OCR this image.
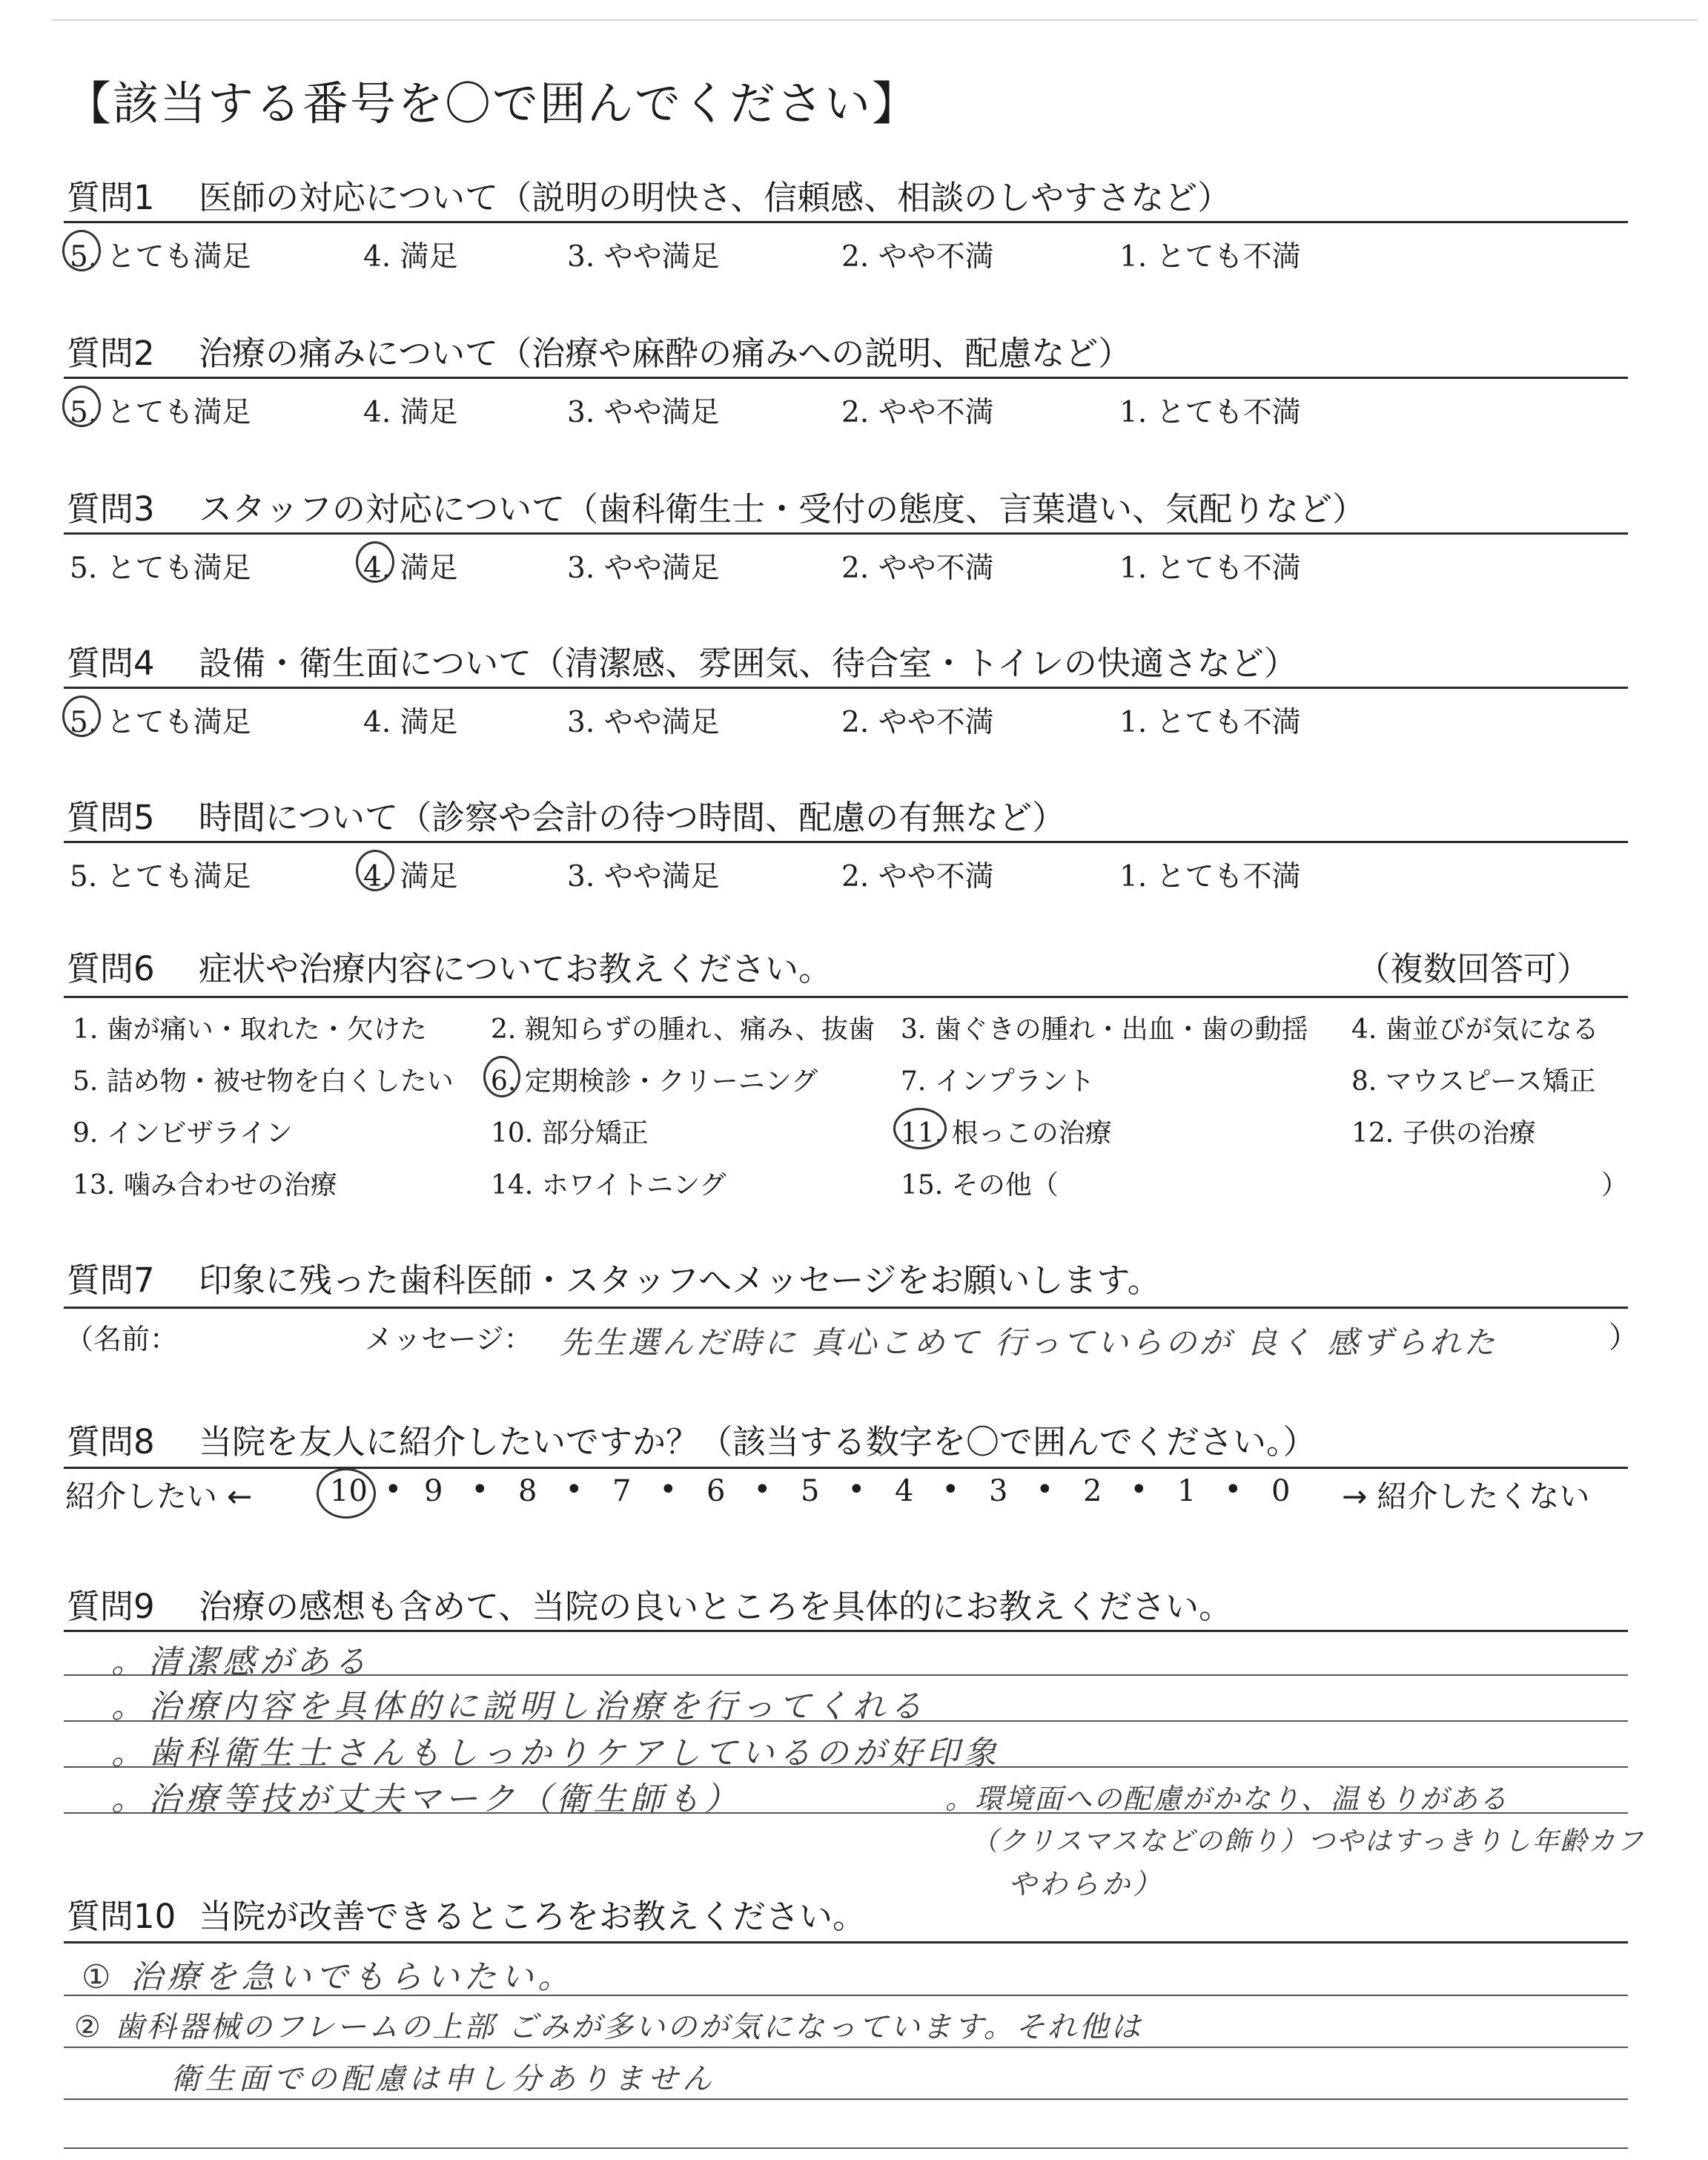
【該当する番号を〇で囲んでください】
質問1 医師の対応について（説明の明快さ、信頼感、相談のしやすさなど）
5. とても満足	4. 満足	3. やや満足	2. やや不満	1. とても不満
質問2 治療の痛みについて（治療や麻酔の痛みへの説明、配慮など）
5. とても満足	4. 満足	3. やや満足	2. やや不満	1. とても不満
質問3 スタッフの対応について（歯科衛生士・受付の態度、言葉遣い、気配りなど）
5. とても満足	4. 満足	3. やや満足	2. やや不満	1. とても不満
質問4 設備・衛生面について（清潔感、雰囲気、待合室・トイレの快適さなど）
5. とても満足	4. 満足	3. やや満足	2. やや不満	1. とても不満
質問5 時間について（診察や会計の待つ時間、配慮の有無など）
5. とても満足	4. 満足	3. やや満足	2. やや不満	1. とても不満
質問6 症状や治療内容についてお教えください。	（複数回答可）
1. 歯が痛い・取れた・欠けた 2. 親知らずの腫れ、痛み、抜歯 3. 歯ぐきの腫れ・出血・歯の動揺 4. 歯並びが気になる
5. 詰め物・被せ物を白くしたい 6. 定期検診・クリーニング	7. インプラント	8. マウスピース矯正
9. インビザライン	10. 部分矯正	11. 根っこの治療	12. 子供の治療
13. 噛み合わせの治療	14. ホワイトニング	15. その他（	）
質問7 印象に残った歯科医師・スタッフへメッセージをお願いします。
（名前：	メッセージ： 先生選んだ時に 真心こめて 行っていらのが 良く 感ずられた	）
質問8 当院を友人に紹介したいですか？（該当する数字を〇で囲んでください。）
紹介したい ←	→ 紹介したくない
10 • 9 • 8 • 7 • 6 • 5 • 4 • 3 • 2 • 1 • 0
質問9 治療の感想も含めて、当院の良いところを具体的にお教えください。
。清潔感がある
。治療内容を具体的に説明し治療を行ってくれる
。歯科衛生士さんもしっかりケアしているのが好印象
。治療等技が丈夫マーク（衛生師も）	。環境面への配慮がかなり、温もりがある
（クリスマスなどの飾り）つやはすっきりし年齢カフ
やわらか）
質問10 当院が改善できるところをお教えください。
① 治療を急いでもらいたい。
② 歯科器械のフレームの上部 ごみが多いのが気になっています。それ他は
衛生面での配慮は申し分ありません
